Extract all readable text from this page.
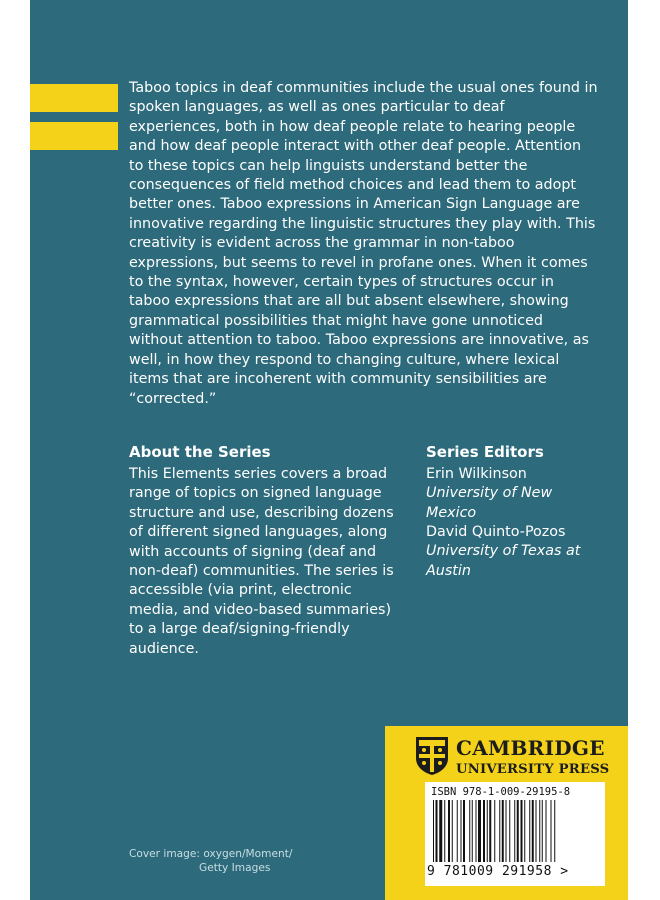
Taboo topics in deaf communities include the usual ones found in spoken languages, as well as ones particular to deaf experiences, both in how deaf people relate to hearing people and how deaf people interact with other deaf people. Attention to these topics can help linguists understand better the consequences of field method choices and lead them to adopt better ones. Taboo expressions in American Sign Language are innovative regarding the linguistic structures they play with. This creativity is evident across the grammar in non-taboo expressions, but seems to revel in profane ones. When it comes to the syntax, however, certain types of structures occur in taboo expressions that are all but absent elsewhere, showing grammatical possibilities that might have gone unnoticed without attention to taboo. Taboo expressions are innovative, as well, in how they respond to changing culture, where lexical items that are incoherent with community sensibilities are “corrected.”

About the Series

This Elements series covers a broad range of topics on signed language structure and use, describing dozens of different signed languages, along with accounts of signing (deaf and non-deaf) communities. The series is accessible (via print, electronic media, and video-based summaries) to a large deaf/signing-friendly audience.

Series Editors
Erin Wilkinson
University of New Mexico
David Quinto-Pozos
University of Texas at Austin
CAMBRIDGE
UNIVERSITY PRESS
ISBN 978-1-009-29195-8
9 781009 291958 >
Cover image: oxygen/Moment/
Getty Images
